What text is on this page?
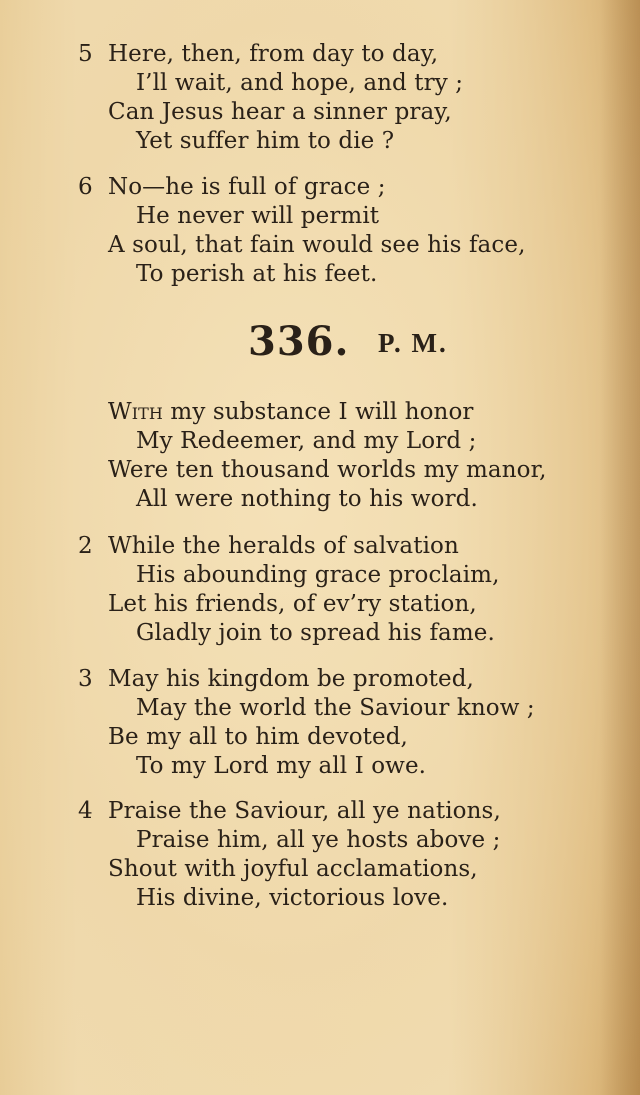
5 Here, then, from day to day,
I’ll wait, and hope, and try ;
Can Jesus hear a sinner pray,
Yet suffer him to die ?
6 No—he is full of grace ;
He never will permit
A soul, that fain would see his face,
To perish at his feet.
336. P. M.
With my substance I will honor
My Redeemer, and my Lord ;
Were ten thousand worlds my manor,
All were nothing to his word.
2 While the heralds of salvation
His abounding grace proclaim,
Let his friends, of ev’ry station,
Gladly join to spread his fame.
3 May his kingdom be promoted,
May the world the Saviour know ;
Be my all to him devoted,
To my Lord my all I owe.
4 Praise the Saviour, all ye nations,
Praise him, all ye hosts above ;
Shout with joyful acclamations,
His divine, victorious love.
